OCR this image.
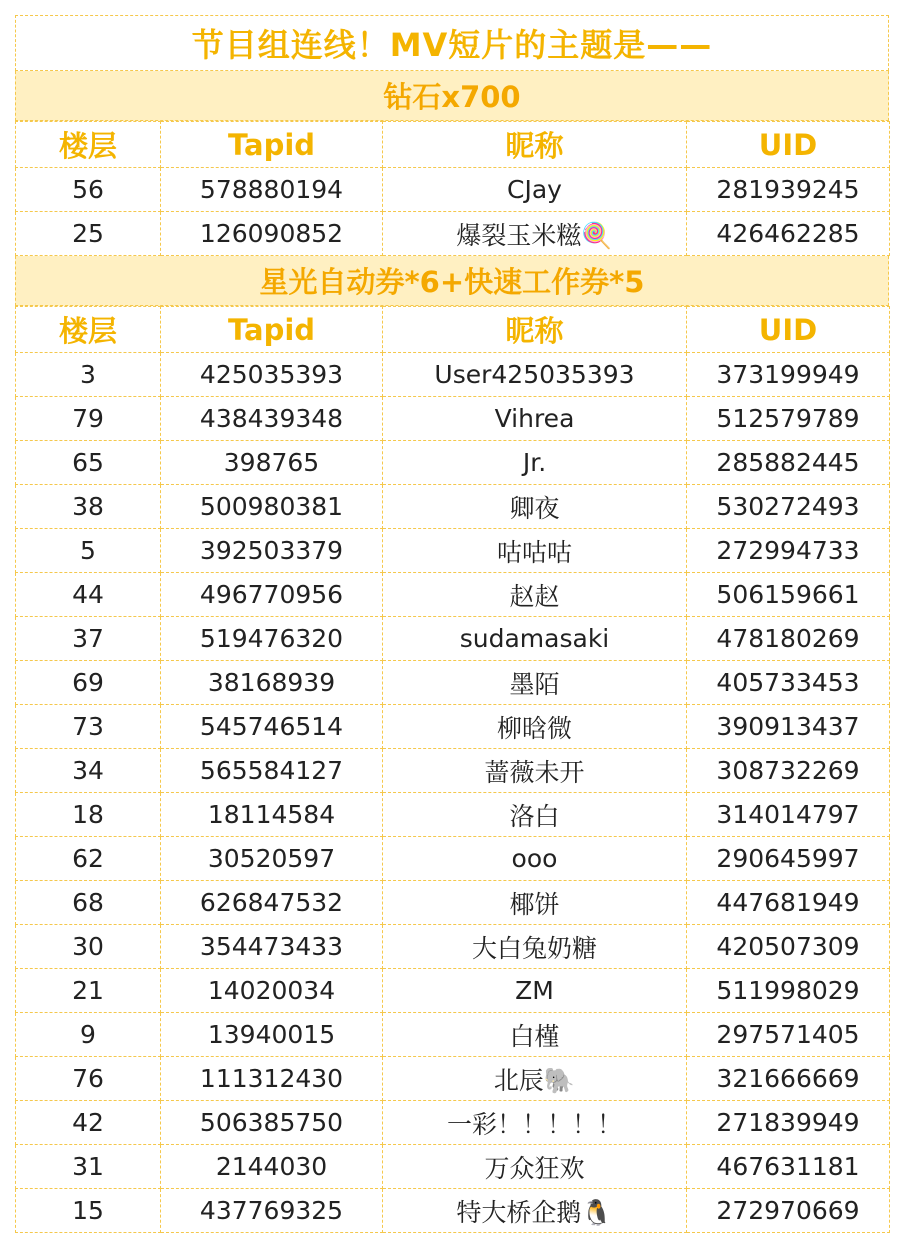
节目组连线！MV短片的主题是——
钻石x700
楼层	Tapid	昵称	UID
56	578880194	CJay	281939245
25	126090852	爆裂玉米糍🍭	426462285
星光自动券*6+快速工作券*5
楼层	Tapid	昵称	UID
3	425035393	User425035393	373199949
79	438439348	Vihrea	512579789
65	398765	Jr.	285882445
38	500980381	卿夜	530272493
5	392503379	咕咕咕	272994733
44	496770956	赵赵	506159661
37	519476320	sudamasaki	478180269
69	38168939	墨陌	405733453
73	545746514	柳晗微	390913437
34	565584127	蔷薇未开	308732269
18	18114584	洛白	314014797
62	30520597	ooo	290645997
68	626847532	椰饼	447681949
30	354473433	大白兔奶糖	420507309
21	14020034	ZM	511998029
9	13940015	白槿	297571405
76	111312430	北辰🐘	321666669
42	506385750	一彩！！！！！	271839949
31	2144030	万众狂欢	467631181
15	437769325	特大桥企鹅🐧	272970669
